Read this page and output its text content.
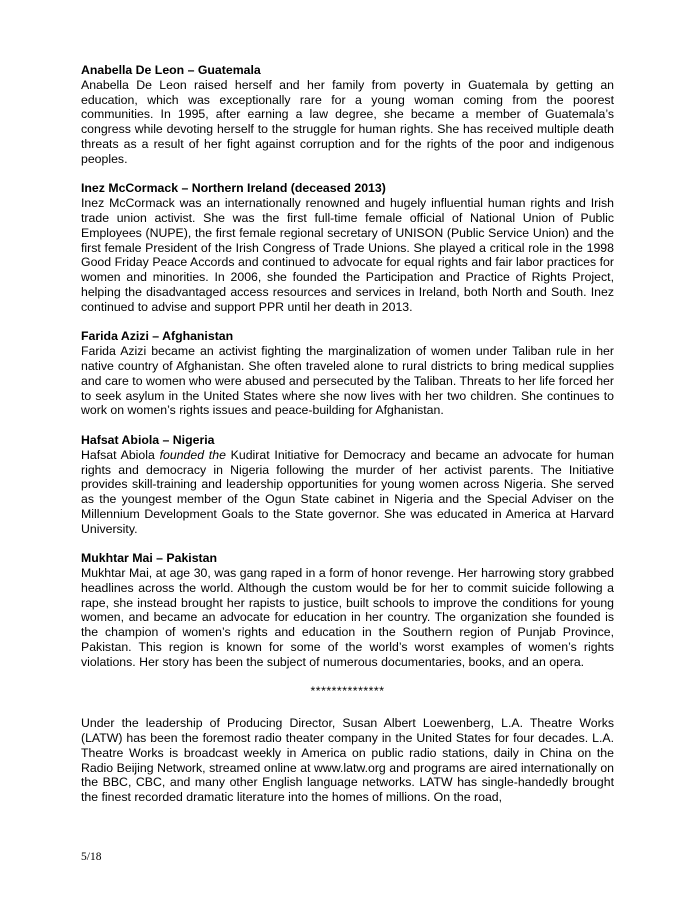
Anabella De Leon – Guatemala

Anabella De Leon raised herself and her family from poverty in Guatemala by getting an education, which was exceptionally rare for a young woman coming from the poorest communities. In 1995, after earning a law degree, she became a member of Guatemala’s congress while devoting herself to the struggle for human rights. She has received multiple death threats as a result of her fight against corruption and for the rights of the poor and indigenous peoples.

Inez McCormack – Northern Ireland (deceased 2013)

Inez McCormack was an internationally renowned and hugely influential human rights and Irish trade union activist. She was the first full-time female official of National Union of Public Employees (NUPE), the first female regional secretary of UNISON (Public Service Union) and the first female President of the Irish Congress of Trade Unions. She played a critical role in the 1998 Good Friday Peace Accords and continued to advocate for equal rights and fair labor practices for women and minorities. In 2006, she founded the Participation and Practice of Rights Project, helping the disadvantaged access resources and services in Ireland, both North and South. Inez continued to advise and support PPR until her death in 2013.

Farida Azizi – Afghanistan

Farida Azizi became an activist fighting the marginalization of women under Taliban rule in her native country of Afghanistan. She often traveled alone to rural districts to bring medical supplies and care to women who were abused and persecuted by the Taliban. Threats to her life forced her to seek asylum in the United States where she now lives with her two children. She continues to work on women’s rights issues and peace-building for Afghanistan.

Hafsat Abiola – Nigeria

Hafsat Abiola founded the Kudirat Initiative for Democracy and became an advocate for human rights and democracy in Nigeria following the murder of her activist parents. The Initiative provides skill-training and leadership opportunities for young women across Nigeria. She served as the youngest member of the Ogun State cabinet in Nigeria and the Special Adviser on the Millennium Development Goals to the State governor. She was educated in America at Harvard University.

Mukhtar Mai – Pakistan

Mukhtar Mai, at age 30, was gang raped in a form of honor revenge. Her harrowing story grabbed headlines across the world. Although the custom would be for her to commit suicide following a rape, she instead brought her rapists to justice, built schools to improve the conditions for young women, and became an advocate for education in her country. The organization she founded is the champion of women’s rights and education in the Southern region of Punjab Province, Pakistan. This region is known for some of the world’s worst examples of women’s rights violations. Her story has been the subject of numerous documentaries, books, and an opera.

**************

Under the leadership of Producing Director, Susan Albert Loewenberg, L.A. Theatre Works (LATW) has been the foremost radio theater company in the United States for four decades. L.A. Theatre Works is broadcast weekly in America on public radio stations, daily in China on the Radio Beijing Network, streamed online at www.latw.org and programs are aired internationally on the BBC, CBC, and many other English language networks. LATW has single-handedly brought the finest recorded dramatic literature into the homes of millions. On the road,

5/18
